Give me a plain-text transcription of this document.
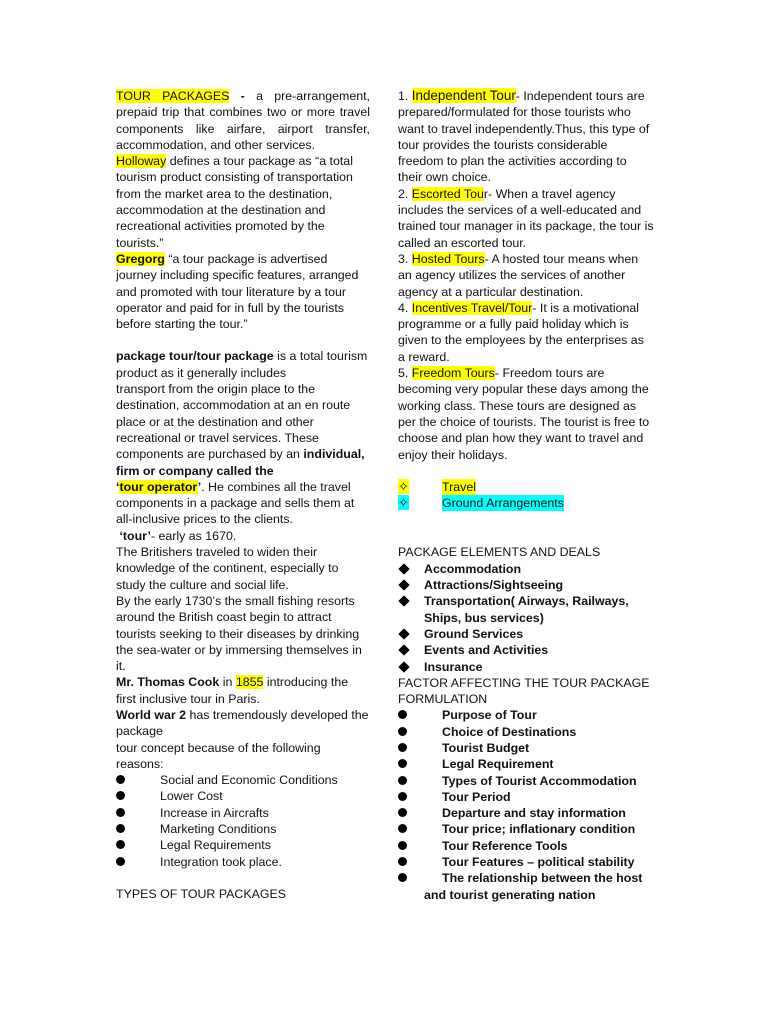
TOUR PACKAGES - a pre-arrangement, prepaid trip that combines two or more travel components like airfare, airport transfer, accommodation, and other services.

Holloway defines a tour package as “a total tourism product consisting of transportation from the market area to the destination, accommodation at the destination and recreational activities promoted by the tourists.”

Gregorg “a tour package is advertised journey including specific features, arranged and promoted with tour literature by a tour operator and paid for in full by the tourists before starting the tour.”

package tour/tour package is a total tourism product as it generally includes
transport from the origin place to the destination, accommodation at an en route place or at the destination and other recreational or travel services. These components are purchased by an individual, firm or company called the
‘tour operator’. He combines all the travel components in a package and sells them at all-inclusive prices to the clients.

‘tour’- early as 1670.

The Britishers traveled to widen their knowledge of the continent, especially to study the culture and social life.

By the early 1730’s the small fishing resorts around the British coast begin to attract tourists seeking to their diseases by drinking the sea-water or by immersing themselves in it.

Mr. Thomas Cook in 1855 introducing the first inclusive tour in Paris.

World war 2 has tremendously developed the package
tour concept because of the following reasons:

Social and Economic Conditions
Lower Cost
Increase in Aircrafts
Marketing Conditions
Legal Requirements
Integration took place.

TYPES OF TOUR PACKAGES

1. Independent Tour- Independent tours are prepared/formulated for those tourists who want to travel independently.Thus, this type of tour provides the tourists considerable freedom to plan the activities according to their own choice.

2. Escorted Tour- When a travel agency includes the services of a well-educated and trained tour manager in its package, the tour is called an escorted tour.

3. Hosted Tours- A hosted tour means when an agency utilizes the services of another agency at a particular destination.

4. Incentives Travel/Tour- It is a motivational programme or a fully paid holiday which is given to the employees by the enterprises as a reward.

5. Freedom Tours- Freedom tours are becoming very popular these days among the working class. These tours are designed as per the choice of tourists. The tourist is free to choose and plan how they want to travel and enjoy their holidays.

✧	Travel
✧	Ground Arrangements

PACKAGE ELEMENTS AND DEALS

Accommodation
Attractions/Sightseeing
Transportation( Airways, Railways, Ships, bus services)
Ground Services
Events and Activities
Insurance

FACTOR AFFECTING THE TOUR PACKAGE FORMULATION

Purpose of Tour
Choice of Destinations
Tourist Budget
Legal Requirement
Types of Tourist Accommodation
Tour Period
Departure and stay information
Tour price; inflationary condition
Tour Reference Tools
Tour Features – political stability
The relationship between the host

and tourist generating nation
